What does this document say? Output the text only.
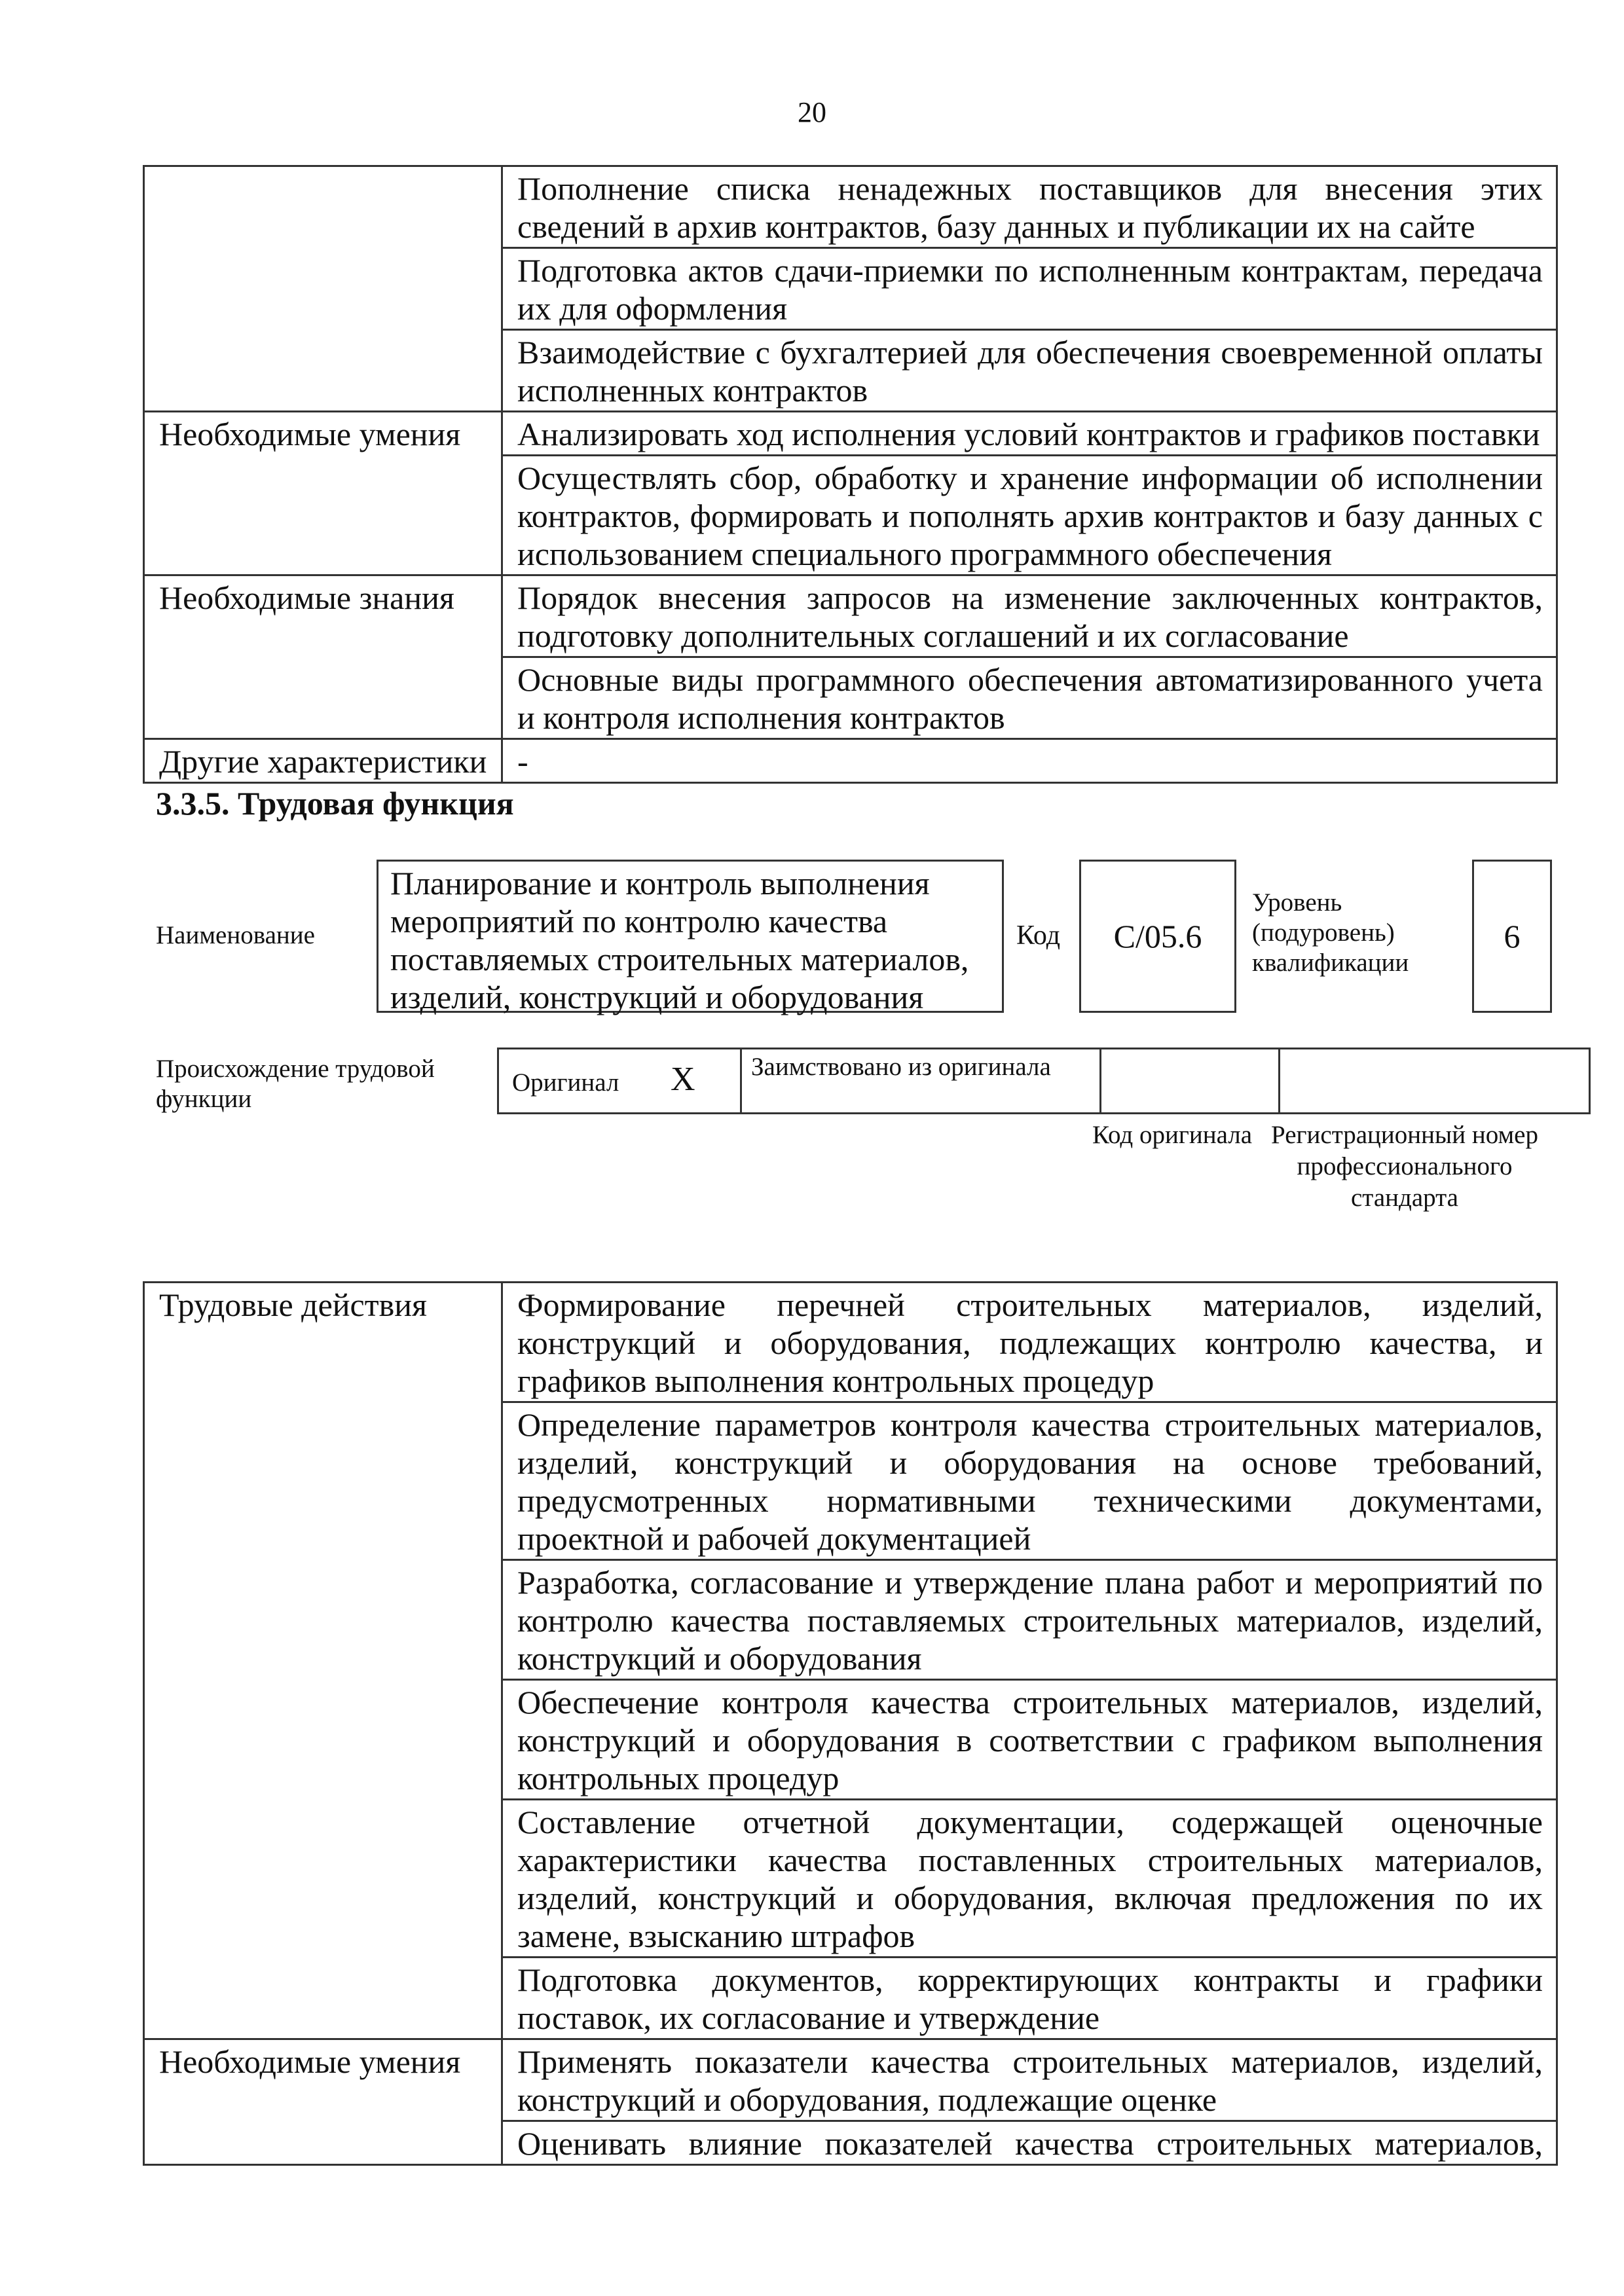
20
	Пополнение списка ненадежных поставщиков для внесения этих сведений в архив контрактов, базу данных и публикации их на сайте
	Подготовка актов сдачи-приемки по исполненным контрактам, передача их для оформления
	Взаимодействие с бухгалтерией для обеспечения своевременной оплаты исполненных контрактов
Необходимые умения	Анализировать ход исполнения условий контрактов и графиков поставки
	Осуществлять сбор, обработку и хранение информации об исполнении контрактов, формировать и пополнять архив контрактов и базу данных с использованием специального программного обеспечения
Необходимые знания	Порядок внесения запросов на изменение заключенных контрактов, подготовку дополнительных соглашений и их согласование
	Основные виды программного обеспечения автоматизированного учета и контроля исполнения контрактов
Другие характеристики	-
3.3.5. Трудовая функция
Наименование
Планирование и контроль выполнения мероприятий по контролю качества поставляемых строительных материалов, изделий, конструкций и оборудования
Код	С/05.6
Уровень (подуровень) квалификации
6
Происхождение трудовой функции
Оригинал X	Заимствовано из оригинала
Код оригинала Регистрационный номер профессионального стандарта
Трудовые действия	Формирование перечней строительных материалов, изделий, конструкций и оборудования, подлежащих контролю качества, и графиков выполнения контрольных процедур
	Определение параметров контроля качества строительных материалов, изделий, конструкций и оборудования на основе требований, предусмотренных нормативными техническими документами, проектной и рабочей документацией
	Разработка, согласование и утверждение плана работ и мероприятий по контролю качества поставляемых строительных материалов, изделий, конструкций и оборудования
	Обеспечение контроля качества строительных материалов, изделий, конструкций и оборудования в соответствии с графиком выполнения контрольных процедур
	Составление отчетной документации, содержащей оценочные характеристики качества поставленных строительных материалов, изделий, конструкций и оборудования, включая предложения по их замене, взысканию штрафов
	Подготовка документов, корректирующих контракты и графики поставок, их согласование и утверждение
Необходимые умения	Применять показатели качества строительных материалов, изделий, конструкций и оборудования, подлежащие оценке
	Оценивать влияние показателей качества строительных материалов,
